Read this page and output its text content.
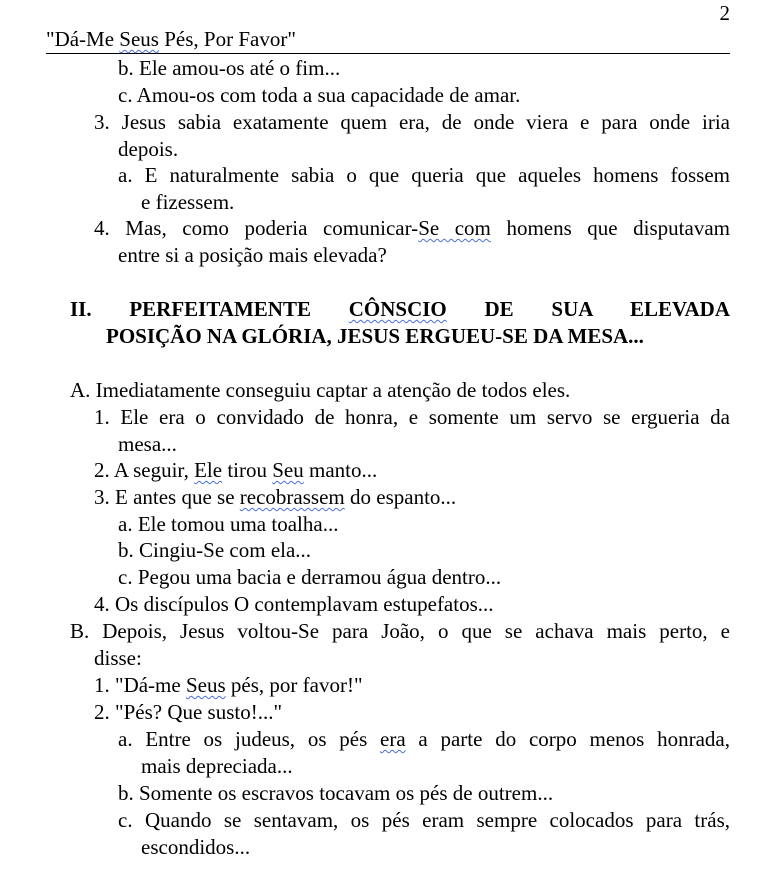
2
"Dá-Me Seus Pés, Por Favor"
b. Ele amou-os até o fim...
c. Amou-os com toda a sua capacidade de amar.
3. Jesus sabia exatamente quem era, de onde viera e para onde iria
depois.
a. E naturalmente sabia o que queria que aqueles homens fossem
e fizessem.
4. Mas, como poderia comunicar-Se com homens que disputavam
entre si a posição mais elevada?
II. PERFEITAMENTE CÔNSCIO DE SUA ELEVADA
POSIÇÃO NA GLÓRIA, JESUS ERGUEU-SE DA MESA...
A. Imediatamente conseguiu captar a atenção de todos eles.
1. Ele era o convidado de honra, e somente um servo se ergueria da
mesa...
2. A seguir, Ele tirou Seu manto...
3. E antes que se recobrassem do espanto...
a. Ele tomou uma toalha...
b. Cingiu-Se com ela...
c. Pegou uma bacia e derramou água dentro...
4. Os discípulos O contemplavam estupefatos...
B. Depois, Jesus voltou-Se para João, o que se achava mais perto, e
disse:
1. "Dá-me Seus pés, por favor!"
2. "Pés? Que susto!..."
a. Entre os judeus, os pés era a parte do corpo menos honrada,
mais depreciada...
b. Somente os escravos tocavam os pés de outrem...
c. Quando se sentavam, os pés eram sempre colocados para trás,
escondidos...
